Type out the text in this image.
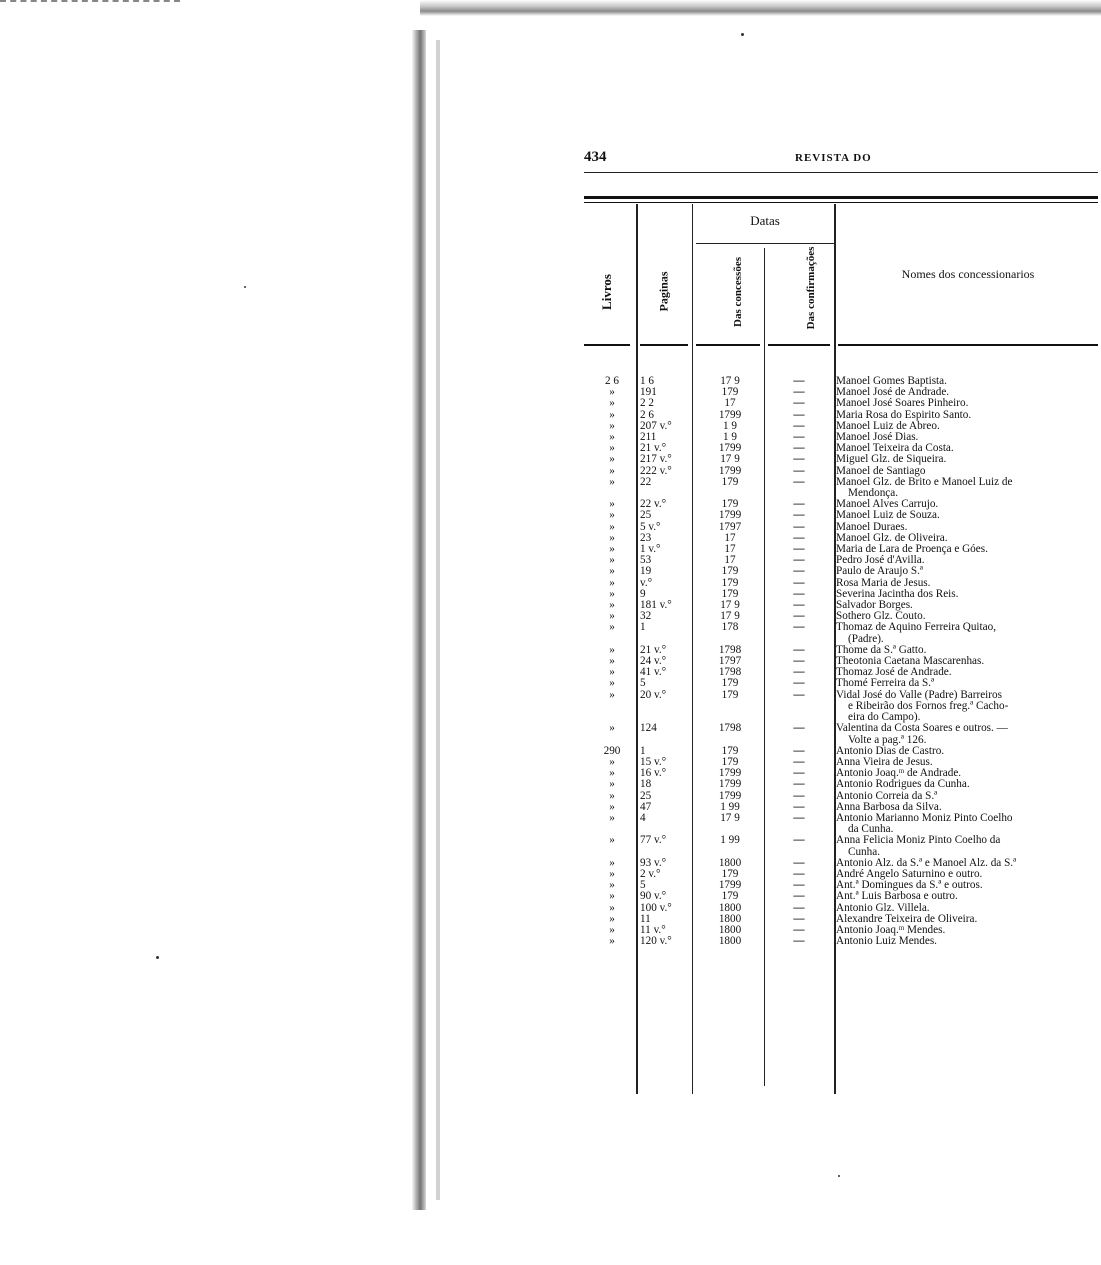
434	REVISTA DO
Datas
Livros	Paginas	Das concessões	Das confirmações	Nomes dos concessionarios
2 6	1 6	17 9	—	Manoel Gomes Baptista.
»	191	179	—	Manoel José de Andrade.
»	2 2	17	—	Manoel José Soares Pinheiro.
»	2 6	1799	—	Maria Rosa do Espirito Santo.
»	207 v.°	1 9	—	Manoel Luiz de Abreo.
»	211	1 9	—	Manoel José Dias.
»	21 v.°	1799	—	Manoel Teixeira da Costa.
»	217 v.°	17 9	—	Miguel Glz. de Siqueira.
»	222 v.°	1799	—	Manoel de Santiago
»	22	179	—	Manoel Glz. de Brito e Manoel Luiz de
Mendonça.
»	22 v.°	179	—	Manoel Alves Carrujo.
»	25	1799	—	Manoel Luiz de Souza.
»	5 v.°	1797	—	Manoel Duraes.
»	23	17	—	Manoel Glz. de Oliveira.
»	1 v.°	17	—	Maria de Lara de Proença e Góes.
»	53	17	—	Pedro José d'Avilla.
»	19	179	—	Paulo de Araujo S.ª
»	v.°	179	—	Rosa Maria de Jesus.
»	9	179	—	Severina Jacintha dos Reis.
»	181 v.°	17 9	—	Salvador Borges.
»	32	17 9	—	Sothero Glz. Couto.
»	1	178	—	Thomaz de Aquino Ferreira Quitao,
(Padre).
»	21 v.°	1798	—	Thome da S.ª Gatto.
»	24 v.°	1797	—	Theotonia Caetana Mascarenhas.
»	41 v.°	1798	—	Thomaz José de Andrade.
»	5	179	—	Thomé Ferreira da S.ª
»	20 v.°	179	—	Vidal José do Valle (Padre) Barreiros
e Ribeirão dos Fornos freg.ª Cacho-
eira do Campo).
»	124	1798	—	Valentina da Costa Soares e outros. —
Volte a pag.ª 126.
290	1	179	—	Antonio Dias de Castro.
»	15 v.°	179	—	Anna Vieira de Jesus.
»	16 v.°	1799	—	Antonio Joaq.ᵐ de Andrade.
»	18	1799	—	Antonio Rodrigues da Cunha.
»	25	1799	—	Antonio Correia da S.ª
»	47	1 99	—	Anna Barbosa da Silva.
»	4	17 9	—	Antonio Marianno Moniz Pinto Coelho
da Cunha.
»	77 v.°	1 99	—	Anna Felicia Moniz Pinto Coelho da
Cunha.
»	93 v.°	1800	—	Antonio Alz. da S.ª e Manoel Alz. da S.ª
»	2 v.°	179	—	André Angelo Saturnino e outro.
»	5	1799	—	Ant.ª Domingues da S.ª e outros.
»	90 v.°	179	—	Ant.ª Luis Barbosa e outro.
»	100 v.°	1800	—	Antonio Glz. Villela.
»	11	1800	—	Alexandre Teixeira de Oliveira.
»	11 v.°	1800	—	Antonio Joaq.ᵐ Mendes.
»	120 v.°	1800	—	Antonio Luiz Mendes.
